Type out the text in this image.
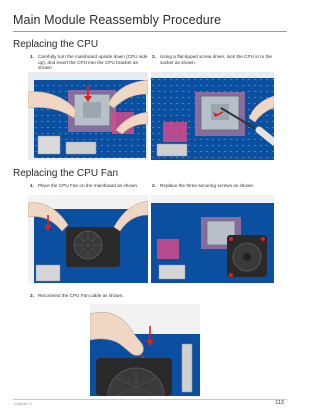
Main Module Reassembly Procedure
Replacing the CPU
1. Carefully turn the mainboard upside down (CPU side up), and insert the CPU into the CPU bracket as shown.
2. Using a flat-tipped screw driver, lock the CPU in to the socket as shown.
Replacing the CPU Fan
1. Place the CPU Fan on the mainboard as shown.	2. Replace the three securing screws as shown.
3. Reconnect the CPU Fan cable as shown.
Chapter 3	113
